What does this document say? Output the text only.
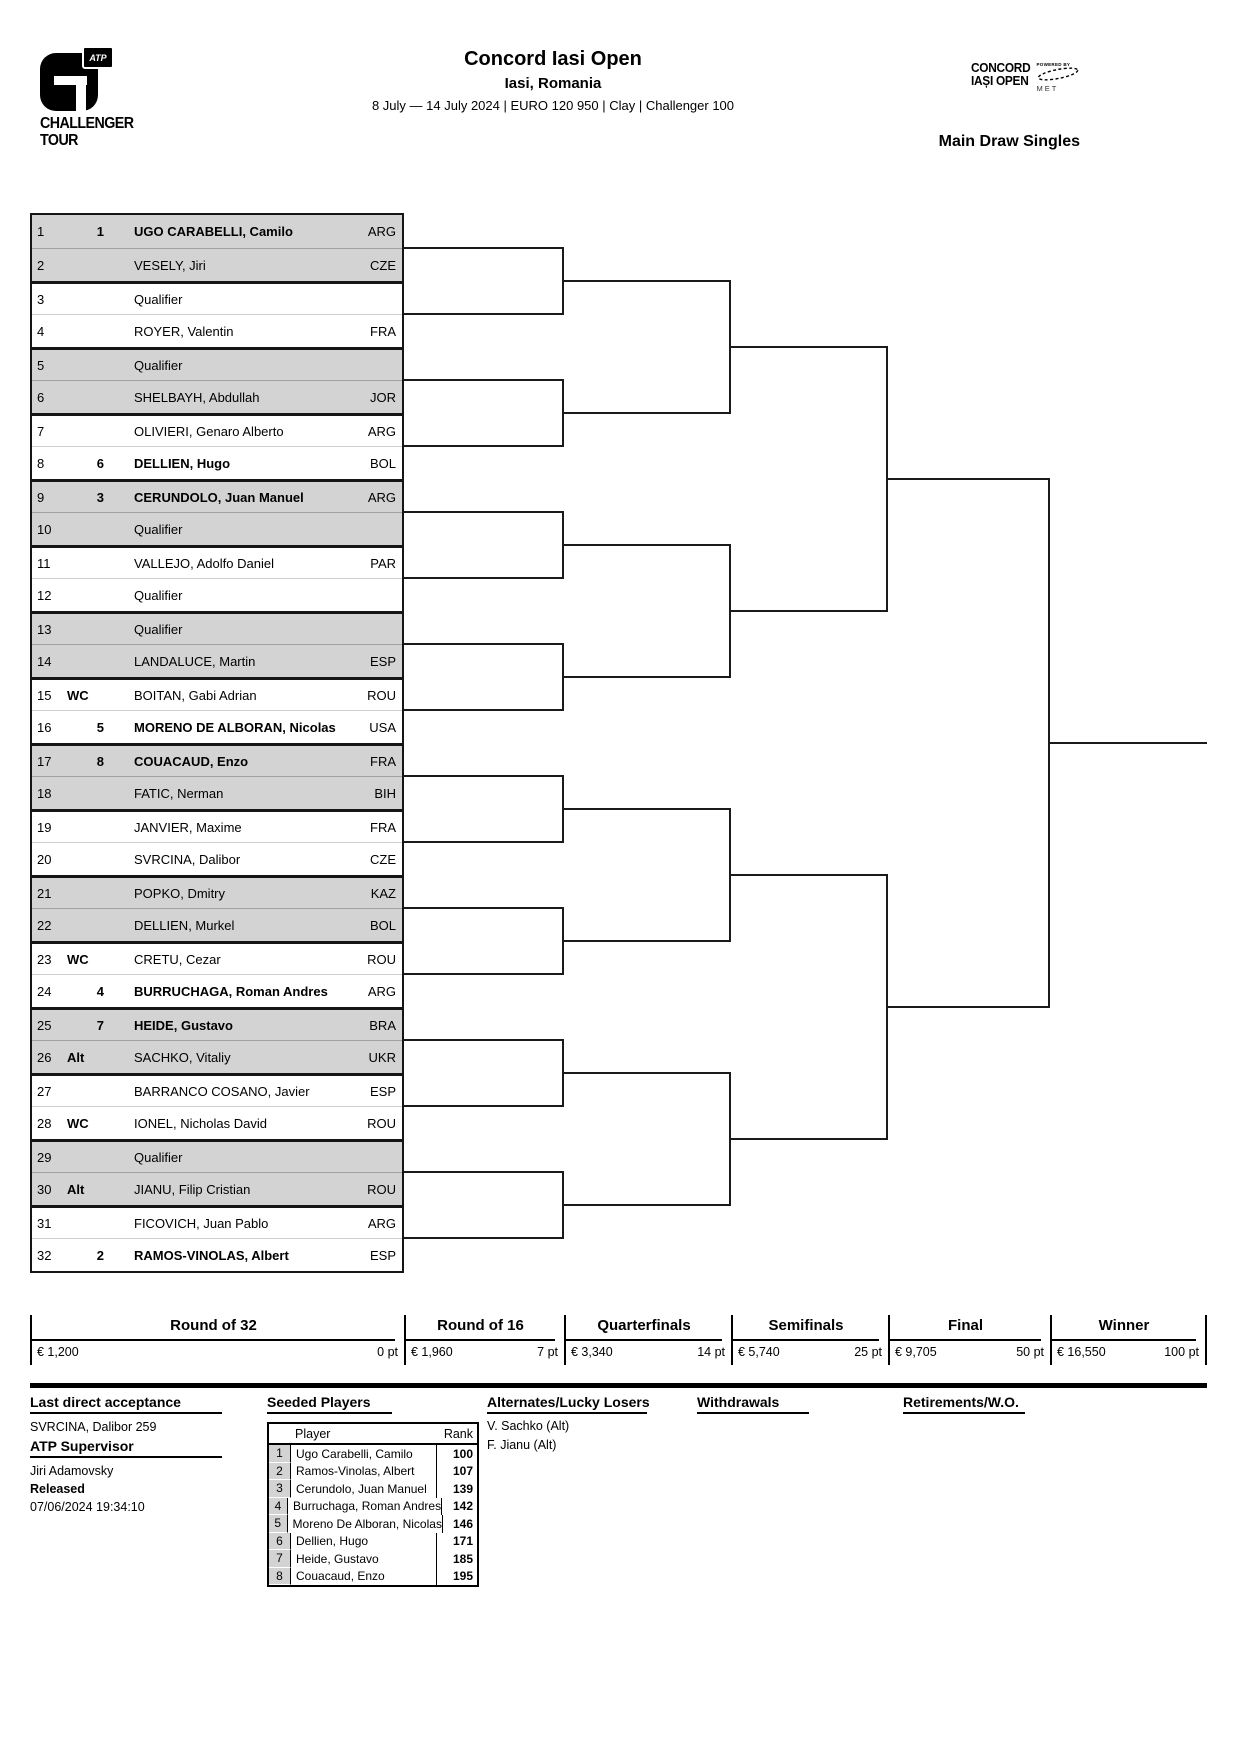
ATP
CHALLENGER
TOUR
Concord Iasi Open
Iasi, Romania
8 July — 14 July 2024 | EURO 120 950 | Clay | Challenger 100
CONCORD
IAȘI OPEN
POWERED BY
MET
Main Draw Singles
1	1 UGO CARABELLI, Camilo	ARG
2	VESELY, Jiri	CZE
3	Qualifier
4	ROYER, Valentin	FRA
5	Qualifier
6	SHELBAYH, Abdullah	JOR
7	OLIVIERI, Genaro Alberto	ARG
8	6 DELLIEN, Hugo	BOL
9	3 CERUNDOLO, Juan Manuel	ARG
10	Qualifier
11	VALLEJO, Adolfo Daniel	PAR
12	Qualifier
13	Qualifier
14	LANDALUCE, Martin	ESP
15	WC	BOITAN, Gabi Adrian	ROU
16	5 MORENO DE ALBORAN, Nicolas	USA
17	8 COUACAUD, Enzo	FRA
18	FATIC, Nerman	BIH
19	JANVIER, Maxime	FRA
20	SVRCINA, Dalibor	CZE
21	POPKO, Dmitry	KAZ
22	DELLIEN, Murkel	BOL
23	WC	CRETU, Cezar	ROU
24	4 BURRUCHAGA, Roman Andres	ARG
25	7 HEIDE, Gustavo	BRA
26	Alt	SACHKO, Vitaliy	UKR
27	BARRANCO COSANO, Javier	ESP
28	WC	IONEL, Nicholas David	ROU
29	Qualifier
30	Alt	JIANU, Filip Cristian	ROU
31	FICOVICH, Juan Pablo	ARG
32	2 RAMOS-VINOLAS, Albert	ESP
Round of 32
€ 1,200	0 pt
Round of 16
€ 1,960	7 pt
Quarterfinals
€ 3,340	14 pt
Semifinals
€ 5,740	25 pt
Final
€ 9,705	50 pt
Winner
€ 16,550	100 pt
Last direct acceptance
SVRCINA, Dalibor 259
ATP Supervisor
Jiri Adamovsky
Released
07/06/2024 19:34:10
Seeded Players
Player	Rank
1	Ugo Carabelli, Camilo	100
2	Ramos-Vinolas, Albert	107
3	Cerundolo, Juan Manuel	139
4 Burruchaga, Roman Andres 142
5 Moreno De Alboran, Nicolas 146
6	Dellien, Hugo	171
7	Heide, Gustavo	185
8	Couacaud, Enzo	195
Alternates/Lucky Losers
V. Sachko (Alt)
F. Jianu (Alt)
Withdrawals	Retirements/W.O.
